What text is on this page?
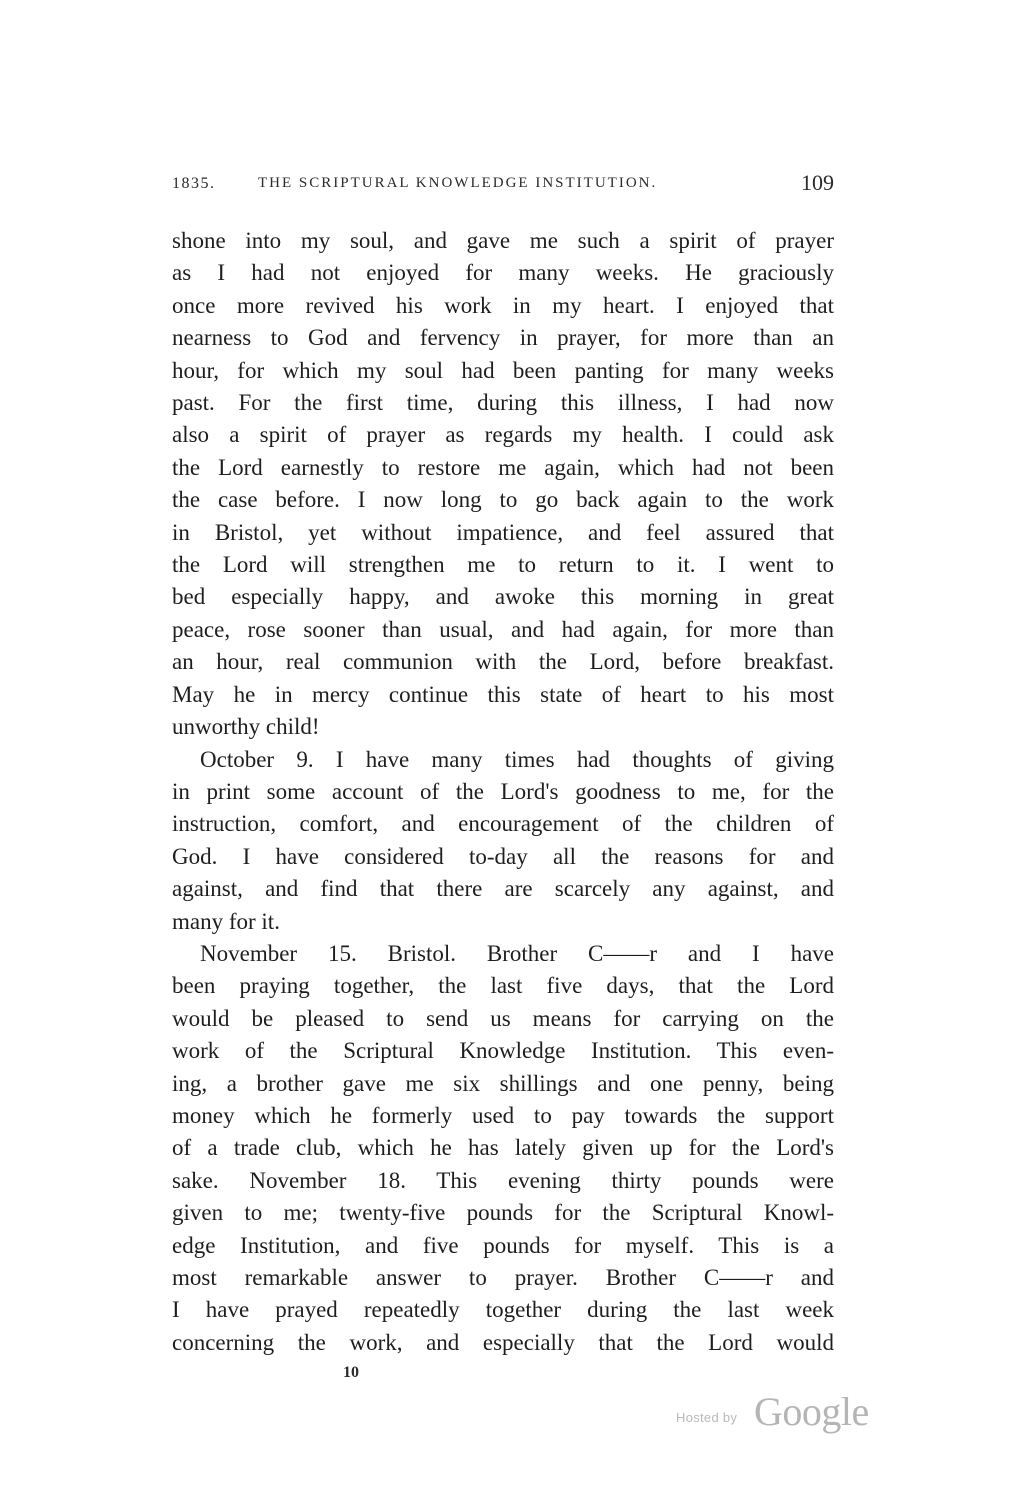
1835.	THE SCRIPTURAL KNOWLEDGE INSTITUTION.	109
shone into my soul, and gave me such a spirit of prayer
as I had not enjoyed for many weeks. He graciously
once more revived his work in my heart. I enjoyed that
nearness to God and fervency in prayer, for more than an
hour, for which my soul had been panting for many weeks
past. For the first time, during this illness, I had now
also a spirit of prayer as regards my health. I could ask
the Lord earnestly to restore me again, which had not been
the case before. I now long to go back again to the work
in Bristol, yet without impatience, and feel assured that
the Lord will strengthen me to return to it. I went to
bed especially happy, and awoke this morning in great
peace, rose sooner than usual, and had again, for more than
an hour, real communion with the Lord, before breakfast.
May he in mercy continue this state of heart to his most
unworthy child!
October 9. I have many times had thoughts of giving
in print some account of the Lord's goodness to me, for the
instruction, comfort, and encouragement of the children of
God. I have considered to-day all the reasons for and
against, and find that there are scarcely any against, and
many for it.
November 15. Bristol. Brother C——r and I have
been praying together, the last five days, that the Lord
would be pleased to send us means for carrying on the
work of the Scriptural Knowledge Institution. This even-
ing, a brother gave me six shillings and one penny, being
money which he formerly used to pay towards the support
of a trade club, which he has lately given up for the Lord's
sake. November 18. This evening thirty pounds were
given to me; twenty-five pounds for the Scriptural Knowl-
edge Institution, and five pounds for myself. This is a
most remarkable answer to prayer. Brother C——r and
I have prayed repeatedly together during the last week
concerning the work, and especially that the Lord would
10
Hosted by Google
